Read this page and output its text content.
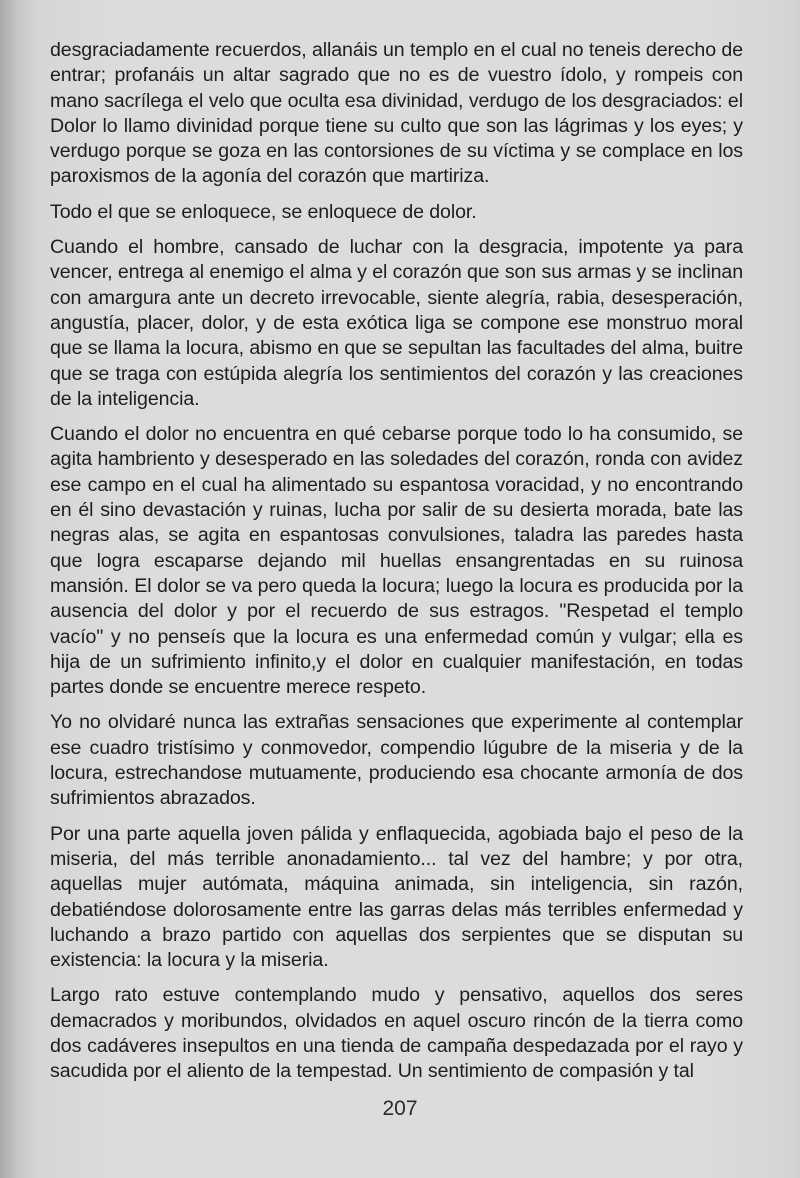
desgraciadamente recuerdos, allanáis un templo en el cual no teneis derecho de entrar; profanáis un altar sagrado que no es de vuestro ídolo, y rompeis con mano sacrílega el velo que oculta esa divinidad, verdugo de los desgraciados: el Dolor lo llamo divinidad porque tiene su culto que son las lágrimas y los eyes; y verdugo porque se goza en las contorsiones de su víctima y se complace en los paroxismos de la agonía del corazón que martiriza.

Todo el que se enloquece, se enloquece de dolor.

Cuando el hombre, cansado de luchar con la desgracia, impotente ya para vencer, entrega al enemigo el alma y el corazón que son sus armas y se inclinan con amargura ante un decreto irrevocable, siente alegría, rabia, desesperación, angustía, placer, dolor, y de esta exótica liga se compone ese monstruo moral que se llama la locura, abismo en que se sepultan las facultades del alma, buitre que se traga con estúpida alegría los sentimientos del corazón y las creaciones de la inteligencia.

Cuando el dolor no encuentra en qué cebarse porque todo lo ha consumido, se agita hambriento y desesperado en las soledades del corazón, ronda con avidez ese campo en el cual ha alimentado su espantosa voracidad, y no encontrando en él sino devastación y ruinas, lucha por salir de su desierta morada, bate las negras alas, se agita en espantosas convulsiones, taladra las paredes hasta que logra escaparse dejando mil huellas ensangrentadas en su ruinosa mansión. El dolor se va pero queda la locura; luego la locura es producida por la ausencia del dolor y por el recuerdo de sus estragos. "Respetad el templo vacío" y no penseís que la locura es una enfermedad común y vulgar; ella es hija de un sufrimiento infinito,y el dolor en cualquier manifestación, en todas partes donde se encuentre merece respeto.

Yo no olvidaré nunca las extrañas sensaciones que experimente al contemplar ese cuadro tristísimo y conmovedor, compendio lúgubre de la miseria y de la locura, estrechandose mutuamente, produciendo esa chocante armonía de dos sufrimientos abrazados.

Por una parte aquella joven pálida y enflaquecida, agobiada bajo el peso de la miseria, del más terrible anonadamiento... tal vez del hambre; y por otra, aquellas mujer autómata, máquina animada, sin inteligencia, sin razón, debatiéndose dolorosamente entre las garras delas más terribles enfermedad y luchando a brazo partido con aquellas dos serpientes que se disputan su existencia: la locura y la miseria.

Largo rato estuve contemplando mudo y pensativo, aquellos dos seres demacrados y moribundos, olvidados en aquel oscuro rincón de la tierra como dos cadáveres insepultos en una tienda de campaña despedazada por el rayo y sacudida por el aliento de la tempestad. Un sentimiento de compasión y tal

207
